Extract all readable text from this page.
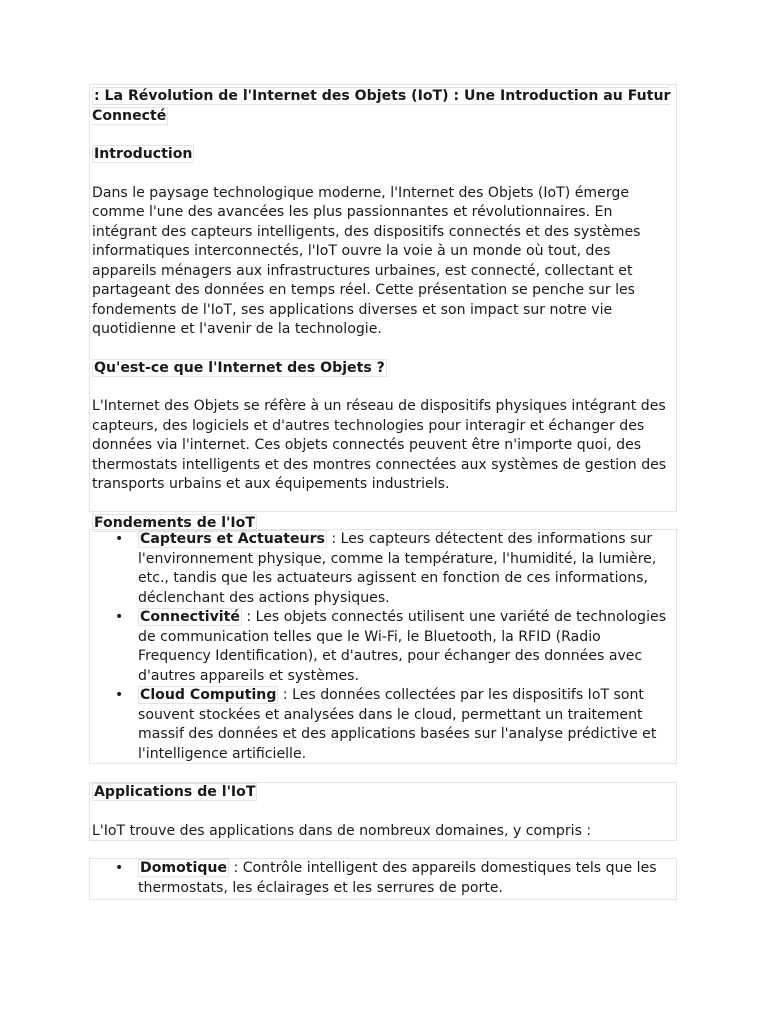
: La Révolution de l'Internet des Objets (IoT) : Une Introduction au Futur Connecté

Introduction

Dans le paysage technologique moderne, l'Internet des Objets (IoT) émerge comme l'une des avancées les plus passionnantes et révolutionnaires. En intégrant des capteurs intelligents, des dispositifs connectés et des systèmes informatiques interconnectés, l'IoT ouvre la voie à un monde où tout, des appareils ménagers aux infrastructures urbaines, est connecté, collectant et partageant des données en temps réel. Cette présentation se penche sur les fondements de l'IoT, ses applications diverses et son impact sur notre vie quotidienne et l'avenir de la technologie.

Qu'est-ce que l'Internet des Objets ?

L'Internet des Objets se réfère à un réseau de dispositifs physiques intégrant des capteurs, des logiciels et d'autres technologies pour interagir et échanger des données via l'internet. Ces objets connectés peuvent être n'importe quoi, des thermostats intelligents et des montres connectées aux systèmes de gestion des transports urbains et aux équipements industriels.

Fondements de l'IoT

• Capteurs et Actuateurs : Les capteurs détectent des informations sur l'environnement physique, comme la température, l'humidité, la lumière, etc., tandis que les actuateurs agissent en fonction de ces informations, déclenchant des actions physiques.
• Connectivité : Les objets connectés utilisent une variété de technologies de communication telles que le Wi-Fi, le Bluetooth, la RFID (Radio Frequency Identification), et d'autres, pour échanger des données avec d'autres appareils et systèmes.
• Cloud Computing : Les données collectées par les dispositifs IoT sont souvent stockées et analysées dans le cloud, permettant un traitement massif des données et des applications basées sur l'analyse prédictive et l'intelligence artificielle.

Applications de l'IoT

L'IoT trouve des applications dans de nombreux domaines, y compris :

• Domotique : Contrôle intelligent des appareils domestiques tels que les thermostats, les éclairages et les serrures de porte.
